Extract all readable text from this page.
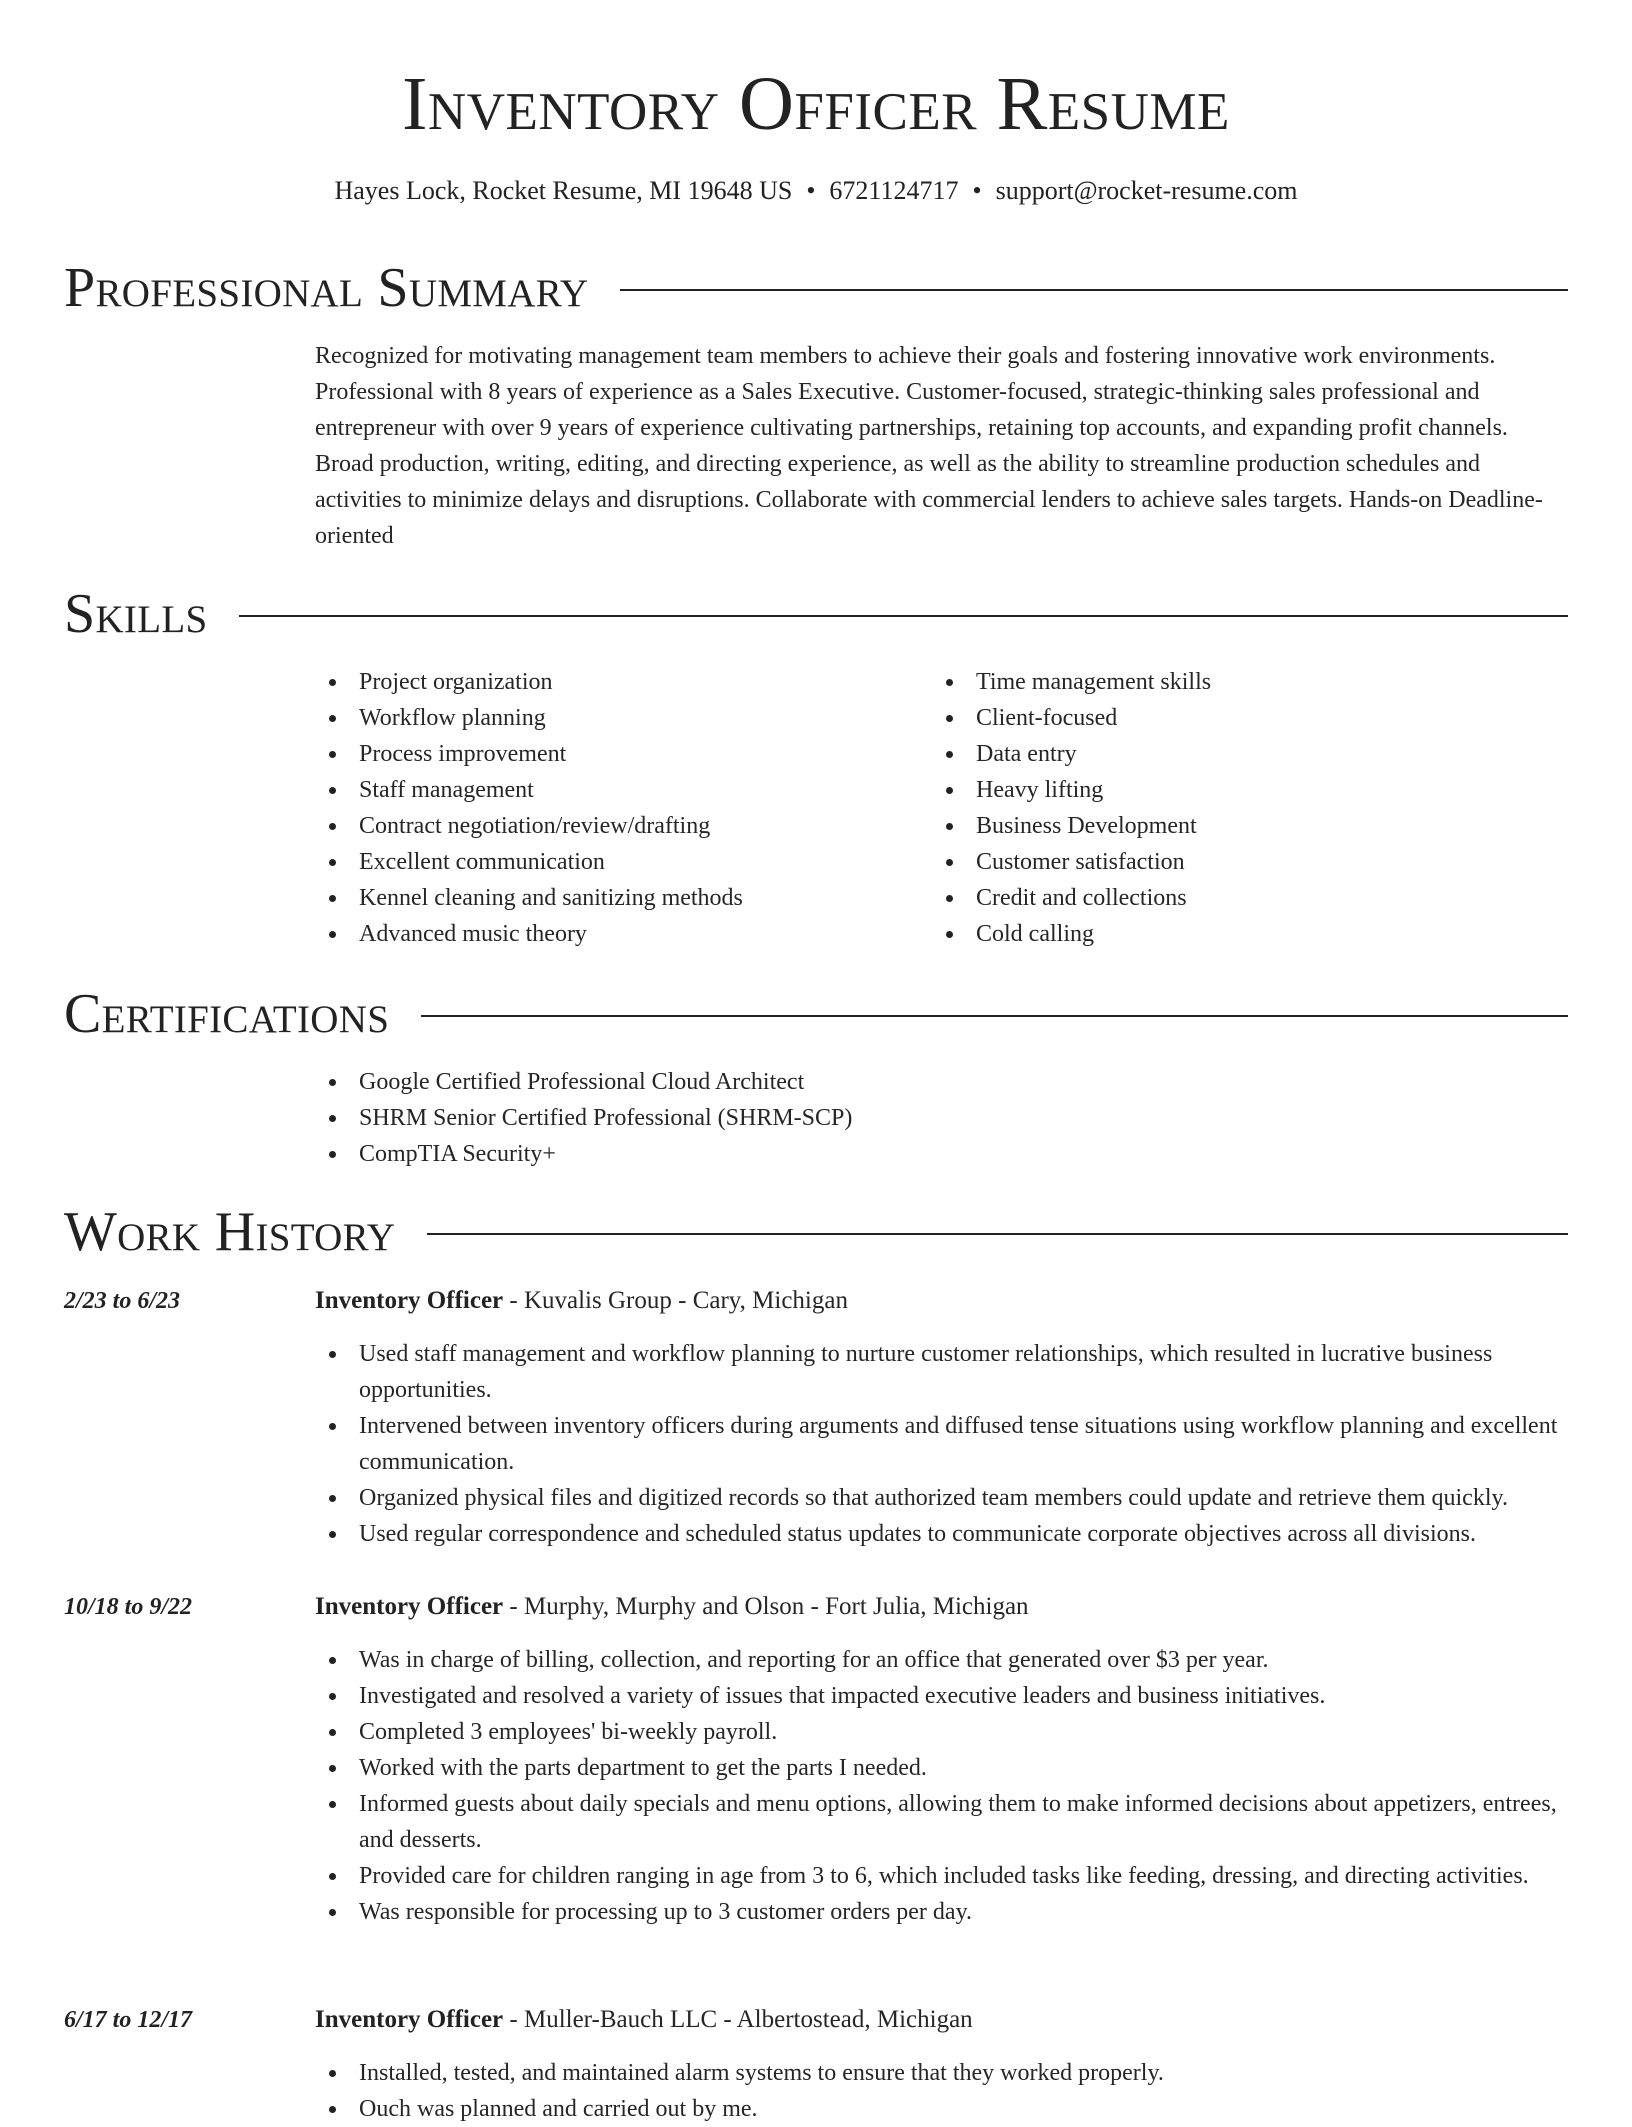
Inventory Officer Resume
Hayes Lock, Rocket Resume, MI 19648 US • 6721124717 • support@rocket-resume.com
Professional Summary
Recognized for motivating management team members to achieve their goals and fostering innovative work environments. Professional with 8 years of experience as a Sales Executive. Customer-focused, strategic-thinking sales professional and entrepreneur with over 9 years of experience cultivating partnerships, retaining top accounts, and expanding profit channels. Broad production, writing, editing, and directing experience, as well as the ability to streamline production schedules and activities to minimize delays and disruptions. Collaborate with commercial lenders to achieve sales targets. Hands-on Deadline-oriented
Skills
Project organization
Workflow planning
Process improvement
Staff management
Contract negotiation/review/drafting
Excellent communication
Kennel cleaning and sanitizing methods
Advanced music theory
Time management skills
Client-focused
Data entry
Heavy lifting
Business Development
Customer satisfaction
Credit and collections
Cold calling
Certifications
Google Certified Professional Cloud Architect
SHRM Senior Certified Professional (SHRM-SCP)
CompTIA Security+
Work History
2/23 to 6/23	Inventory Officer - Kuvalis Group - Cary, Michigan
Used staff management and workflow planning to nurture customer relationships, which resulted in lucrative business opportunities.
Intervened between inventory officers during arguments and diffused tense situations using workflow planning and excellent communication.
Organized physical files and digitized records so that authorized team members could update and retrieve them quickly.
Used regular correspondence and scheduled status updates to communicate corporate objectives across all divisions.
10/18 to 9/22	Inventory Officer - Murphy, Murphy and Olson - Fort Julia, Michigan
Was in charge of billing, collection, and reporting for an office that generated over $3 per year.
Investigated and resolved a variety of issues that impacted executive leaders and business initiatives.
Completed 3 employees' bi-weekly payroll.
Worked with the parts department to get the parts I needed.
Informed guests about daily specials and menu options, allowing them to make informed decisions about appetizers, entrees, and desserts.
Provided care for children ranging in age from 3 to 6, which included tasks like feeding, dressing, and directing activities.
Was responsible for processing up to 3 customer orders per day.
6/17 to 12/17	Inventory Officer - Muller-Bauch LLC - Albertostead, Michigan
Installed, tested, and maintained alarm systems to ensure that they worked properly.
Ouch was planned and carried out by me.
